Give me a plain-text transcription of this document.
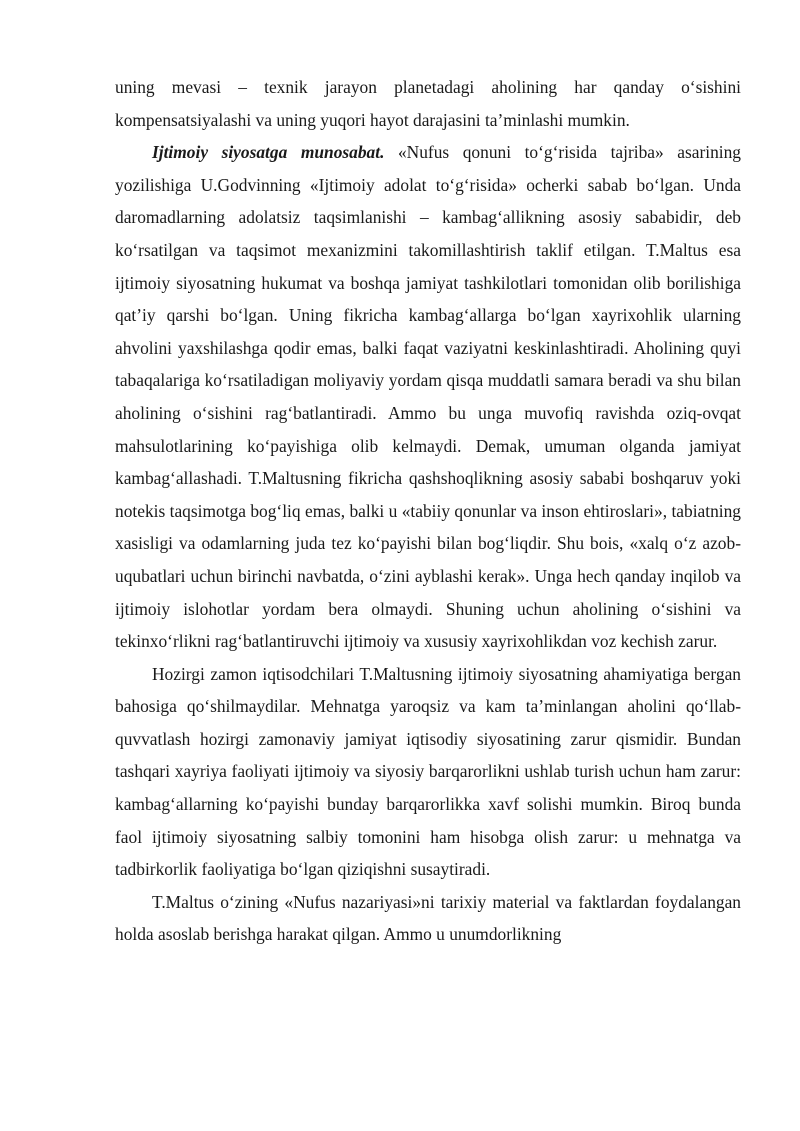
uning mevasi – texnik jarayon planetadagi aholining har qanday o‘sishini kompensatsiyalashi va uning yuqori hayot darajasini ta’minlashi mumkin.

Ijtimoiy siyosatga munosabat. «Nufus qonuni to‘g‘risida tajriba» asarining yozilishiga U.Godvinning «Ijtimoiy adolat to‘g‘risida» ocherki sabab bo‘lgan. Unda daromadlarning adolatsiz taqsimlanishi – kambag‘allikning asosiy sababidir, deb ko‘rsatilgan va taqsimot mexanizmini takomillashtirish taklif etilgan. T.Maltus esa ijtimoiy siyosatning hukumat va boshqa jamiyat tashkilotlari tomonidan olib borilishiga qat’iy qarshi bo‘lgan. Uning fikricha kambag‘allarga bo‘lgan xayrixohlik ularning ahvolini yaxshilashga qodir emas, balki faqat vaziyatni keskinlashtiradi. Aholining quyi tabaqalariga ko‘rsatiladigan moliyaviy yordam qisqa muddatli samara beradi va shu bilan aholining o‘sishini rag‘batlantiradi. Ammo bu unga muvofiq ravishda oziq-ovqat mahsulotlarining ko‘payishiga olib kelmaydi. Demak, umuman olganda jamiyat kambag‘allashadi. T.Maltusning fikricha qashshoqlikning asosiy sababi boshqaruv yoki notekis taqsimotga bog‘liq emas, balki u «tabiiy qonunlar va inson ehtiroslari», tabiatning xasisligi va odamlarning juda tez ko‘payishi bilan bog‘liqdir. Shu bois, «xalq o‘z azob-uqubatlari uchun birinchi navbatda, o‘zini ayblashi kerak». Unga hech qanday inqilob va ijtimoiy islohotlar yordam bera olmaydi. Shuning uchun aholining o‘sishini va tekinxo‘rlikni rag‘batlantiruvchi ijtimoiy va xususiy xayrixohlikdan voz kechish zarur.

Hozirgi zamon iqtisodchilari T.Maltusning ijtimoiy siyosatning ahamiyatiga bergan bahosiga qo‘shilmaydilar. Mehnatga yaroqsiz va kam ta’minlangan aholini qo‘llab-quvvatlash hozirgi zamonaviy jamiyat iqtisodiy siyosatining zarur qismidir. Bundan tashqari xayriya faoliyati ijtimoiy va siyosiy barqarorlikni ushlab turish uchun ham zarur: kambag‘allarning ko‘payishi bunday barqarorlikka xavf solishi mumkin. Biroq bunda faol ijtimoiy siyosatning salbiy tomonini ham hisobga olish zarur: u mehnatga va tadbirkorlik faoliyatiga bo‘lgan qiziqishni susaytiradi.

T.Maltus o‘zining «Nufus nazariyasi»ni tarixiy material va faktlardan foydalangan holda asoslab berishga harakat qilgan. Ammo u unumdorlikning
